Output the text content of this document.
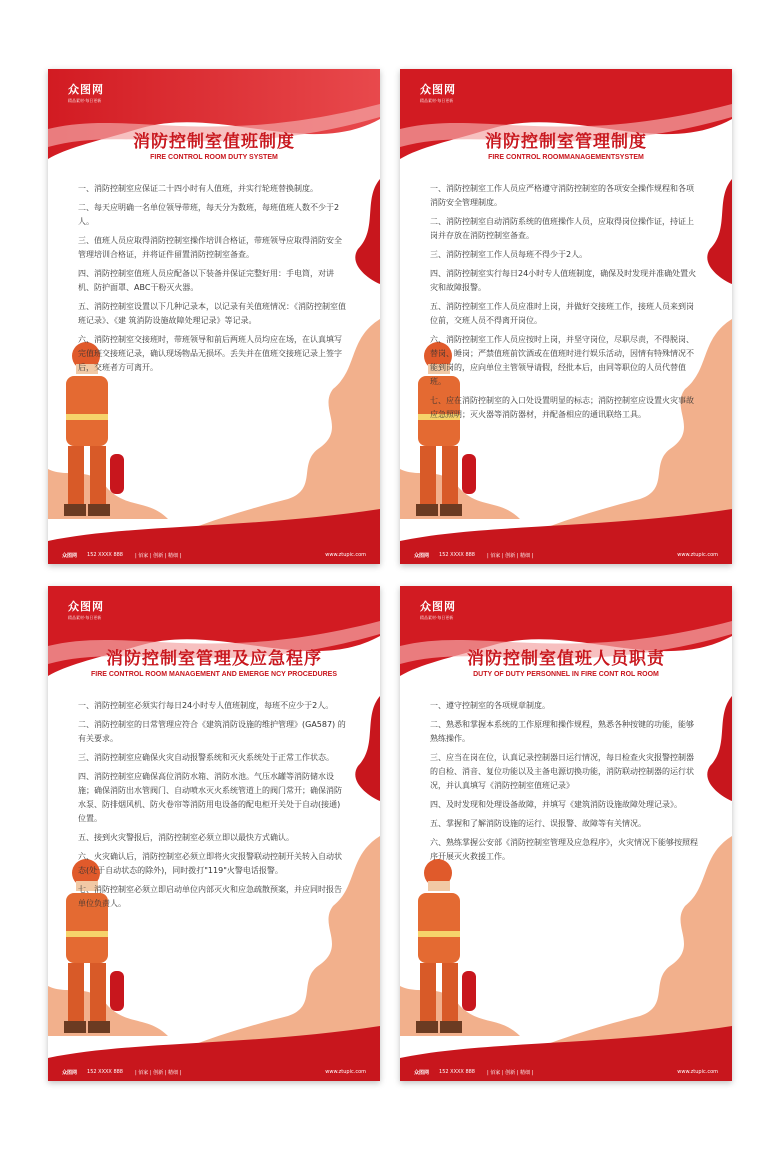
众图网
精品素材·每日更新
消防控制室值班制度
FIRE CONTROL ROOM DUTY SYSTEM
一、消防控制室应保证二十四小时有人值班，并实行轮班替换制度。
二、每天应明确一名单位领导带班，每天分为数班，每班值班人数不少于2人。
三、值班人员应取得消防控制室操作培训合格证，带班领导应取得消防安全管理培训合格证，并将证件留置消防控制室备查。
四、消防控制室值班人员应配备以下装备并保证完整好用：手电筒，对讲机、防护面罩、ABC干粉灭火器。
五、消防控制室设置以下几种记录本，以记录有关值班情况：《消防控制室值班记录》、《建 筑消防设施故障处理记录》等记录。
六、消防控制室交接班时，带班领导和前后两班人员均应在场，在认真填写完值班交接班记录，确认现场物品无损坏。丢失并在值班交接班记录上签字后，交班者方可离开。
众图网 152 XXXX 888 | 佰家 | 创新 | 精细 |	www.ztupic.com
众图网
精品素材·每日更新
消防控制室管理制度
FIRE CONTROL ROOMMANAGEMENTSYSTEM
一、消防控制室工作人员应严格遵守消防控制室的各项安全操作规程和各项消防安全管理制度。
二、消防控制室自动消防系统的值班操作人员，应取得岗位操作证，持证上岗并存放在消防控制室备查。
三、消防控制室工作人员每班不得少于2人。
四、消防控制室实行每日24小时专人值班制度，确保及时发现并准确处置火灾和故障报警。
五、消防控制室工作人员应准时上岗，并做好交接班工作，接班人员来到岗位前，交班人员不得离开岗位。
六、消防控制室工作人员应按时上岗，并坚守岗位，尽职尽责，不得脱岗、替岗、睡岗；严禁值班前饮酒或在值班时进行娱乐活动，因情有特殊情况不能到岗的，应向单位主管领导请假，经批本后，由同等职位的人员代替值班。
七、应在消防控制室的入口处设置明显的标志；消防控制室应设置火灾事故应急照明；灭火器等消防器材，并配备相应的通讯联络工具。
众图网 152 XXXX 888 | 佰家 | 创新 | 精细 |	www.ztupic.com
众图网
精品素材·每日更新
消防控制室管理及应急程序
FIRE CONTROL ROOM MANAGEMENT AND EMERGE NCY PROCEDURES
一、消防控制室必须实行每日24小时专人值班制度，每班不应少于2人。
二、消防控制室的日常管理应符合《建筑消防设施的维护管理》(GA587) 的有关要求。
三、消防控制室应确保火灾自动报警系统和灭火系统处于正常工作状态。
四、消防控制室应确保高位消防水箱、消防水池。气压水罐等消防储水设施；确保消防出水管阀门、自动喷水灭火系统管道上的阀门常开；确保消防水泵、防排烟风机、防火卷帘等消防用电设备的配电柜开关处于自动(接通)位置。
五、接到火灾警报后，消防控制室必须立即以最快方式确认。
六、火灾确认后，消防控制室必须立即将火灾报警联动控制开关转入自动状态(处于自动状态的除外)，同时拨打"119"火警电话报警。
七、消防控制室必须立即启动单位内部灭火和应急疏散预案，并应同时报告单位负责人。
众图网 152 XXXX 888 | 佰家 | 创新 | 精细 |	www.ztupic.com
众图网
精品素材·每日更新
消防控制室值班人员职责
DUTY OF DUTY PERSONNEL IN FIRE CONT ROL ROOM
一、遵守控制室的各项规章制度。
二、熟悉和掌握本系统的工作原理和操作规程，熟悉各种按键的功能，能够熟练操作。
三、应当在岗在位，认真记录控制器日运行情况，每日检查火灾报警控制器的自检、消音、复位功能以及主备电源切换功能，消防联动控制器的运行状况，并认真填写《消防控制室值班记录》
四、及时发现和处理设备故障，并填写《建筑消防设施故障处理记录》。
五、掌握和了解消防设施的运行、误报警、故障等有关情况。
六、熟练掌握公安部《消防控制室管理及应急程序》，火灾情况下能够按照程序开展灭火救援工作。
众图网 152 XXXX 888 | 佰家 | 创新 | 精细 |	www.ztupic.com
